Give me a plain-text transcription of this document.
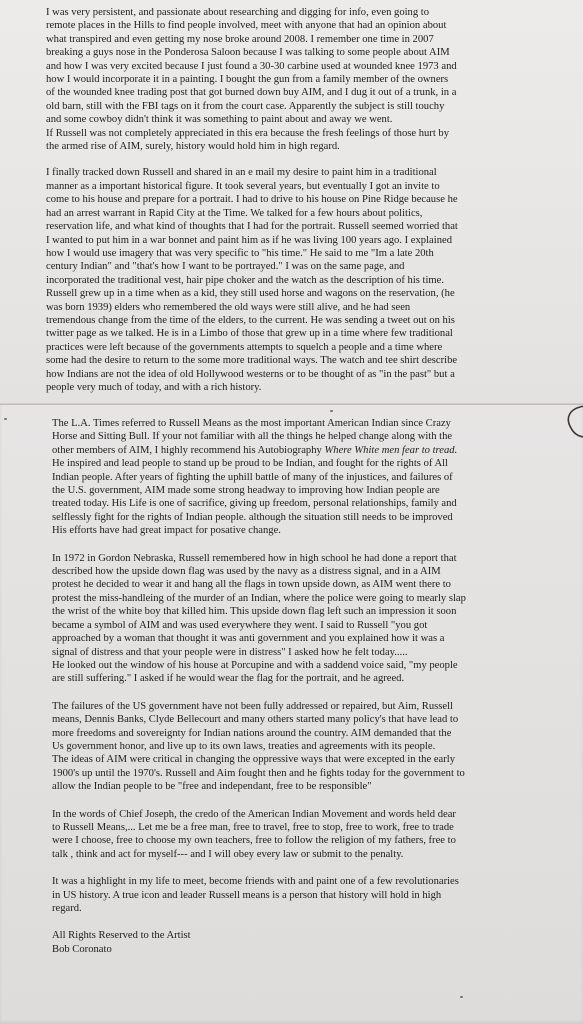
I was very persistent, and passionate about researching and digging for info, even going to
remote places in the Hills to find people involved, meet with anyone that had an opinion about
what transpired and even getting my nose broke around 2008. I remember one time in 2007
breaking a guys nose in the Ponderosa Saloon because I was talking to some people about AIM
and how I was very excited because I just found a 30-30 carbine used at wounded knee 1973 and
how I would incorporate it in a painting. I bought the gun from a family member of the owners
of the wounded knee trading post that got burned down buy AIM, and I dug it out of a trunk, in a
old barn, still with the FBI tags on it from the court case. Apparently the subject is still touchy
and some cowboy didn't think it was something to paint about and away we went.
If Russell was not completely appreciated in this era because the fresh feelings of those hurt by
the armed rise of AIM, surely, history would hold him in high regard.

I finally tracked down Russell and shared in an e mail my desire to paint him in a traditional
manner as a important historical figure. It took several years, but eventually I got an invite to
come to his house and prepare for a portrait. I had to drive to his house on Pine Ridge because he
had an arrest warrant in Rapid City at the Time. We talked for a few hours about politics,
reservation life, and what kind of thoughts that I had for the portrait. Russell seemed worried that
I wanted to put him in a war bonnet and paint him as if he was living 100 years ago. I explained
how I would use imagery that was very specific to "his time." He said to me "Im a late 20th
century Indian" and "that's how I want to be portrayed." I was on the same page, and
incorporated the traditional vest, hair pipe choker and the watch as the description of his time.
Russell grew up in a time when as a kid, they still used horse and wagons on the reservation, (he
was born 1939) elders who remembered the old ways were still alive, and he had seen
tremendous change from the time of the elders, to the current. He was sending a tweet out on his
twitter page as we talked. He is in a Limbo of those that grew up in a time where few traditional
practices were left because of the governments attempts to squelch a people and a time where
some had the desire to return to the some more traditional ways. The watch and tee shirt describe
how Indians are not the idea of old Hollywood westerns or to be thought of as "in the past" but a
people very much of today, and with a rich history.

The L.A. Times referred to Russell Means as the most important American Indian since Crazy
Horse and Sitting Bull. If your not familiar with all the things he helped change along with the
other members of AIM, I highly recommend his Autobiography Where White men fear to tread.
He inspired and lead people to stand up be proud to be Indian, and fought for the rights of All
Indian people. After years of fighting the uphill battle of many of the injustices, and failures of
the U.S. government, AIM made some strong headway to improving how Indian people are
treated today. His Life is one of sacrifice, giving up freedom, personal relationships, family and
selflessly fight for the rights of Indian people. although the situation still needs to be improved
His efforts have had great impact for posative change.

In 1972 in Gordon Nebraska, Russell remembered how in high school he had done a report that
described how the upside down flag was used by the navy as a distress signal, and in a AIM
protest he decided to wear it and hang all the flags in town upside down, as AIM went there to
protest the miss-handleing of the murder of an Indian, where the police were going to mearly slap
the wrist of the white boy that killed him. This upside down flag left such an impression it soon
became a symbol of AIM and was used everywhere they went. I said to Russell "you got
approached by a woman that thought it was anti government and you explained how it was a
signal of distress and that your people were in distress" I asked how he felt today.....
He looked out the window of his house at Porcupine and with a saddend voice said, "my people
are still suffering." I asked if he would wear the flag for the portrait, and he agreed.

The failures of the US government have not been fully addressed or repaired, but Aim, Russell
means, Dennis Banks, Clyde Bellecourt and many others started many policy's that have lead to
more freedoms and sovereignty for Indian nations around the country. AIM demanded that the
Us government honor, and live up to its own laws, treaties and agreements with its people.
The ideas of AIM were critical in changing the oppressive ways that were excepted in the early
1900's up until the 1970's. Russell and Aim fought then and he fights today for the government to
allow the Indian people to be "free and independant, free to be responsible"

In the words of Chief Joseph, the credo of the American Indian Movement and words held dear
to Russell Means,... Let me be a free man, free to travel, free to stop, free to work, free to trade
were I choose, free to choose my own teachers, free to follow the religion of my fathers, free to
talk , think and act for myself--- and I will obey every law or submit to the penalty.

It was a highlight in my life to meet, become friends with and paint one of a few revolutionaries
in US history. A true icon and leader Russell means is a person that history will hold in high
regard.

All Rights Reserved to the Artist

Bob Coronato
